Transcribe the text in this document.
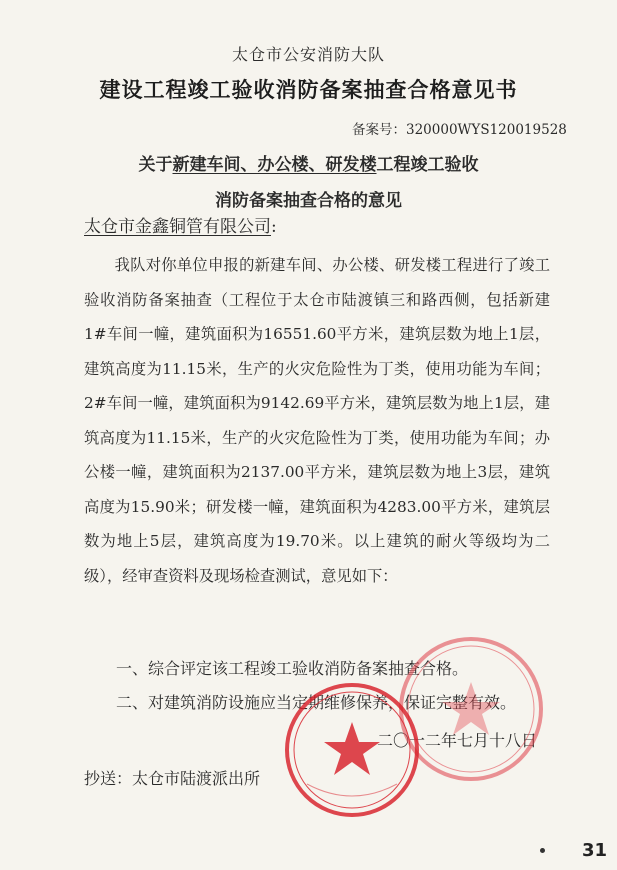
太仓市公安消防大队
建设工程竣工验收消防备案抽查合格意见书
备案号：320000WYS120019528
关于新建车间、办公楼、研发楼工程竣工验收
消防备案抽查合格的意见
太仓市金鑫铜管有限公司:
我队对你单位申报的新建车间、办公楼、研发楼工程进行了竣工验收消防备案抽查（工程位于太仓市陆渡镇三和路西侧，包括新建1#车间一幢，建筑面积为16551.60平方米，建筑层数为地上1层，建筑高度为11.15米，生产的火灾危险性为丁类，使用功能为车间；2#车间一幢，建筑面积为9142.69平方米，建筑层数为地上1层，建筑高度为11.15米，生产的火灾危险性为丁类，使用功能为车间；办公楼一幢，建筑面积为2137.00平方米，建筑层数为地上3层，建筑高度为15.90米；研发楼一幢，建筑面积为4283.00平方米，建筑层数为地上5层，建筑高度为19.70米。以上建筑的耐火等级均为二级），经审查资料及现场检查测试，意见如下：
一、综合评定该工程竣工验收消防备案抽查合格。
二、对建筑消防设施应当定期维修保养，保证完整有效。
二〇一二年七月十八日
抄送：太仓市陆渡派出所
31
